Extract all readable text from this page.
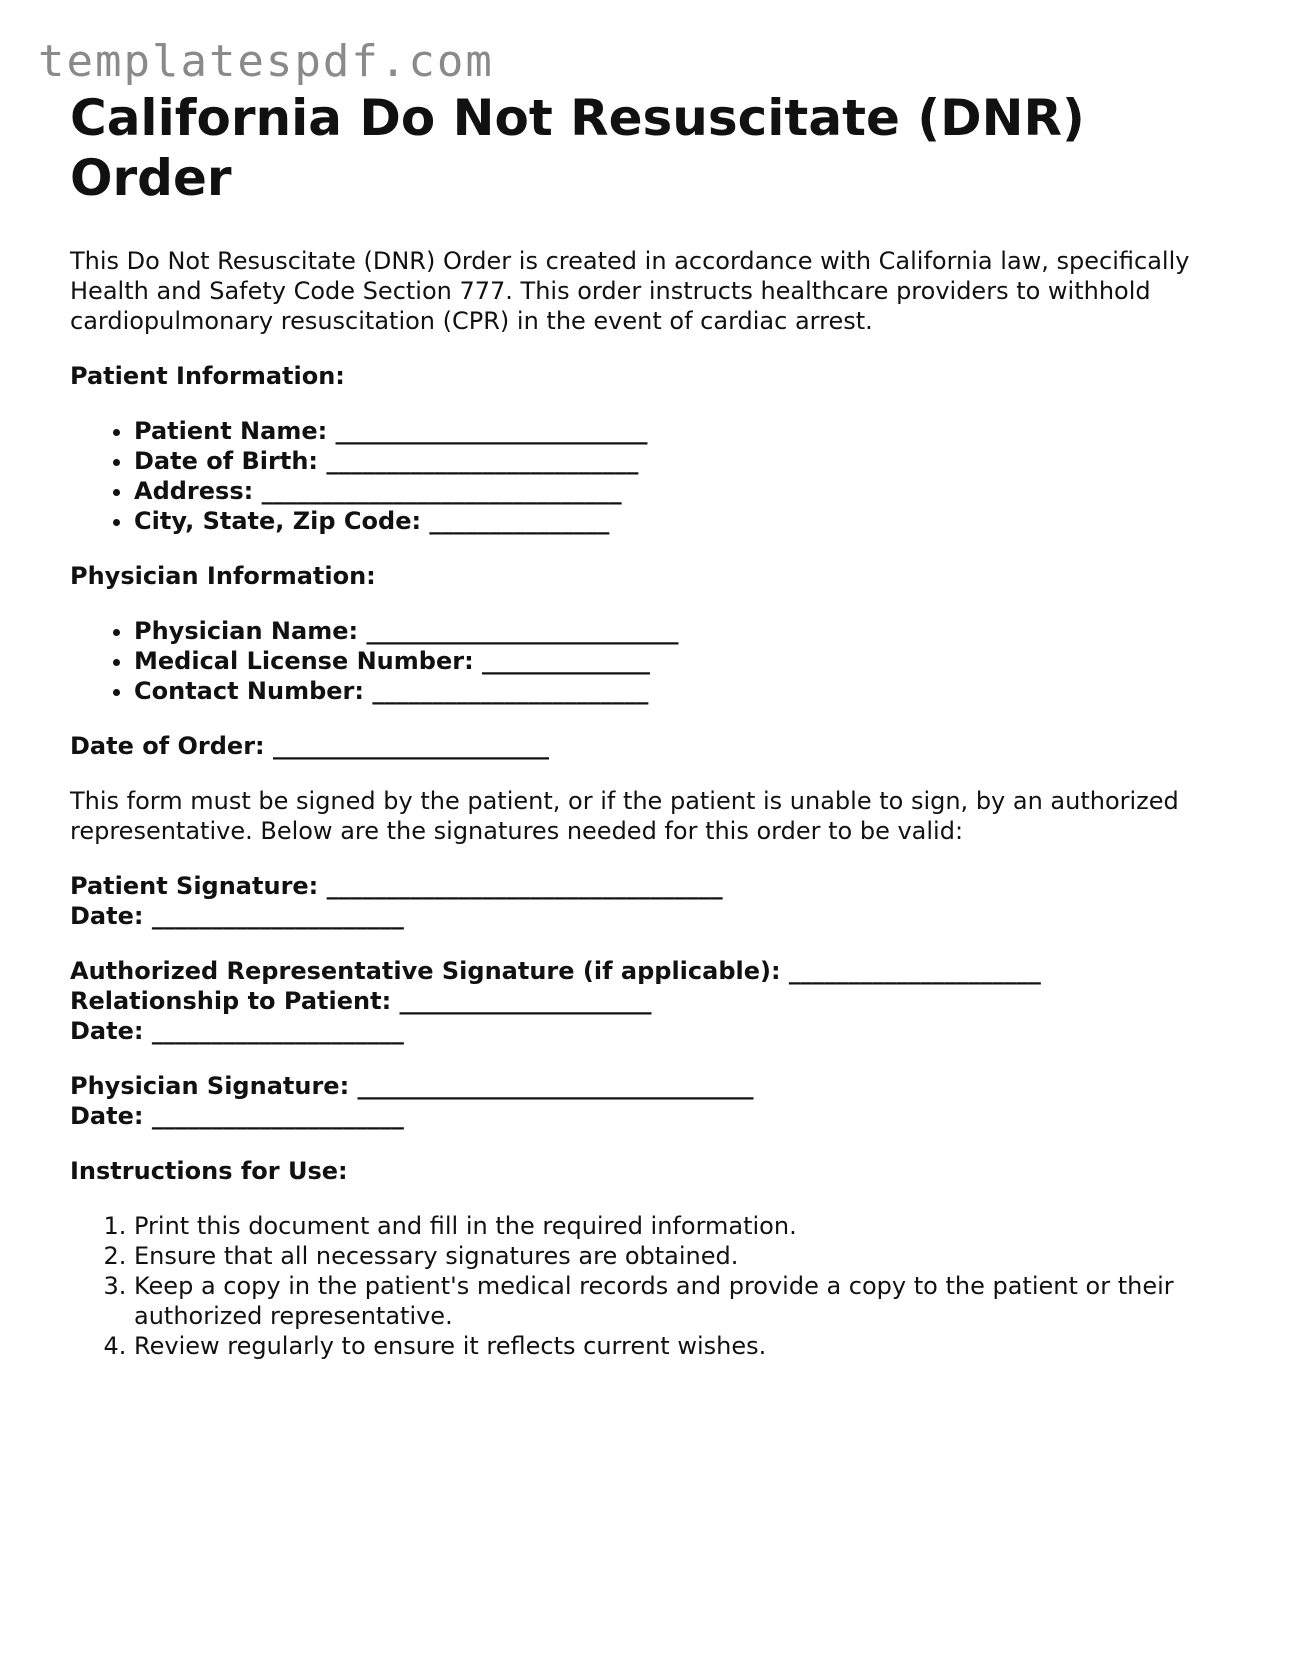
templatespdf.com
California Do Not Resuscitate (DNR) Order

This Do Not Resuscitate (DNR) Order is created in accordance with California law, specifically Health and Safety Code Section 777. This order instructs healthcare providers to withhold cardiopulmonary resuscitation (CPR) in the event of cardiac arrest.

Patient Information:
• Patient Name: __________________________
• Date of Birth: __________________________
• Address: ______________________________
• City, State, Zip Code: _______________
Physician Information:
• Physician Name: __________________________
• Medical License Number: ______________
• Contact Number: _______________________
Date of Order: _______________________

This form must be signed by the patient, or if the patient is unable to sign, by an authorized representative. Below are the signatures needed for this order to be valid:

Patient Signature: _________________________________
Date: _____________________
Authorized Representative Signature (if applicable): _____________________
Relationship to Patient: _____________________
Date: _____________________
Physician Signature: _________________________________
Date: _____________________
Instructions for Use:
1. Print this document and fill in the required information.
2. Ensure that all necessary signatures are obtained.
3. Keep a copy in the patient's medical records and provide a copy to the patient or their authorized representative.
4. Review regularly to ensure it reflects current wishes.
